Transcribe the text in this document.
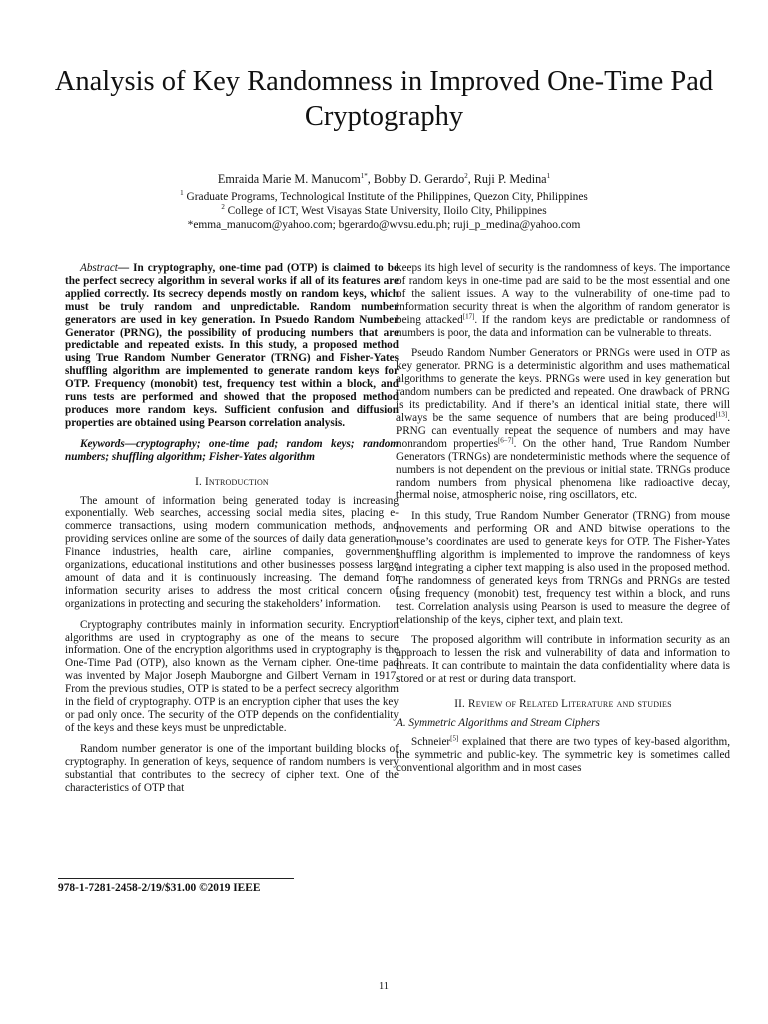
Analysis of Key Randomness in Improved One-Time Pad Cryptography
Emraida Marie M. Manucom$^{1*}$, Bobby D. Gerardo$^2$, Ruji P. Medina$^1$
$^1$ Graduate Programs, Technological Institute of the Philippines, Quezon City, Philippines
$^2$ College of ICT, West Visayas State University, Iloilo City, Philippines
*emma_manucom@yahoo.com; bgerardo@wvsu.edu.ph; ruji_p_medina@yahoo.com

Abstract— In cryptography, one-time pad (OTP) is claimed to be the perfect secrecy algorithm in several works if all of its features are applied correctly. Its secrecy depends mostly on random keys, which must be truly random and unpredictable. Random number generators are used in key generation. In Psuedo Random Number Generator (PRNG), the possibility of producing numbers that are predictable and repeated exists. In this study, a proposed method using True Random Number Generator (TRNG) and Fisher-Yates shuffling algorithm are implemented to generate random keys for OTP. Frequency (monobit) test, frequency test within a block, and runs tests are performed and showed that the proposed method produces more random keys. Sufficient confusion and diffusion properties are obtained using Pearson correlation analysis.

Keywords—cryptography; one-time pad; random keys; random numbers; shuffling algorithm; Fisher-Yates algorithm

I. Introduction

The amount of information being generated today is increasing exponentially. Web searches, accessing social media sites, placing e-commerce transactions, using modern communication methods, and providing services online are some of the sources of daily data generation. Finance industries, health care, airline companies, government organizations, educational institutions and other businesses possess large amount of data and it is continuously increasing. The demand for information security arises to address the most critical concern of organizations in protecting and securing the stakeholders’ information.

Cryptography contributes mainly in information security. Encryption algorithms are used in cryptography as one of the means to secure information. One of the encryption algorithms used in cryptography is the One-Time Pad (OTP), also known as the Vernam cipher. One-time pad was invented by Major Joseph Mauborgne and Gilbert Vernam in 1917. From the previous studies, OTP is stated to be a perfect secrecy algorithm in the field of cryptography. OTP is an encryption cipher that uses the key or pad only once. The security of the OTP depends on the confidentiality of the keys and these keys must be unpredictable.

Random number generator is one of the important building blocks of cryptography. In generation of keys, sequence of random numbers is very substantial that contributes to the secrecy of cipher text. One of the characteristics of OTP that

keeps its high level of security is the randomness of keys. The importance of random keys in one-time pad are said to be the most essential and one of the salient issues. A way to the vulnerability of one-time pad to information security threat is when the algorithm of random generator is being attacked[17]. If the random keys are predictable or randomness of numbers is poor, the data and information can be vulnerable to threats.

Pseudo Random Number Generators or PRNGs were used in OTP as key generator. PRNG is a deterministic algorithm and uses mathematical algorithms to generate the keys. PRNGs were used in key generation but random numbers can be predicted and repeated. One drawback of PRNG is its predictability. And if there’s an identical initial state, there will always be the same sequence of numbers that are being produced[13]. PRNG can eventually repeat the sequence of numbers and may have nonrandom properties[6−7]. On the other hand, True Random Number Generators (TRNGs) are nondeterministic methods where the sequence of numbers is not dependent on the previous or initial state. TRNGs produce random numbers from physical phenomena like radioactive decay, thermal noise, atmospheric noise, ring oscillators, etc.

In this study, True Random Number Generator (TRNG) from mouse movements and performing OR and AND bitwise operations to the mouse’s coordinates are used to generate keys for OTP. The Fisher-Yates shuffling algorithm is implemented to improve the randomness of keys and integrating a cipher text mapping is also used in the proposed method. The randomness of generated keys from TRNGs and PRNGs are tested using frequency (monobit) test, frequency test within a block, and runs test. Correlation analysis using Pearson is used to measure the degree of relationship of the keys, cipher text, and plain text.

The proposed algorithm will contribute in information security as an approach to lessen the risk and vulnerability of data and information to threats. It can contribute to maintain the data confidentiality where data is stored or at rest or during data transport.

II. Review of Related Literature and studies
A. Symmetric Algorithms and Stream Ciphers

Schneier[5] explained that there are two types of key-based algorithm, the symmetric and public-key. The symmetric key is sometimes called conventional algorithm and in most cases

978-1-7281-2458-2/19/$31.00 ©2019 IEEE
11
